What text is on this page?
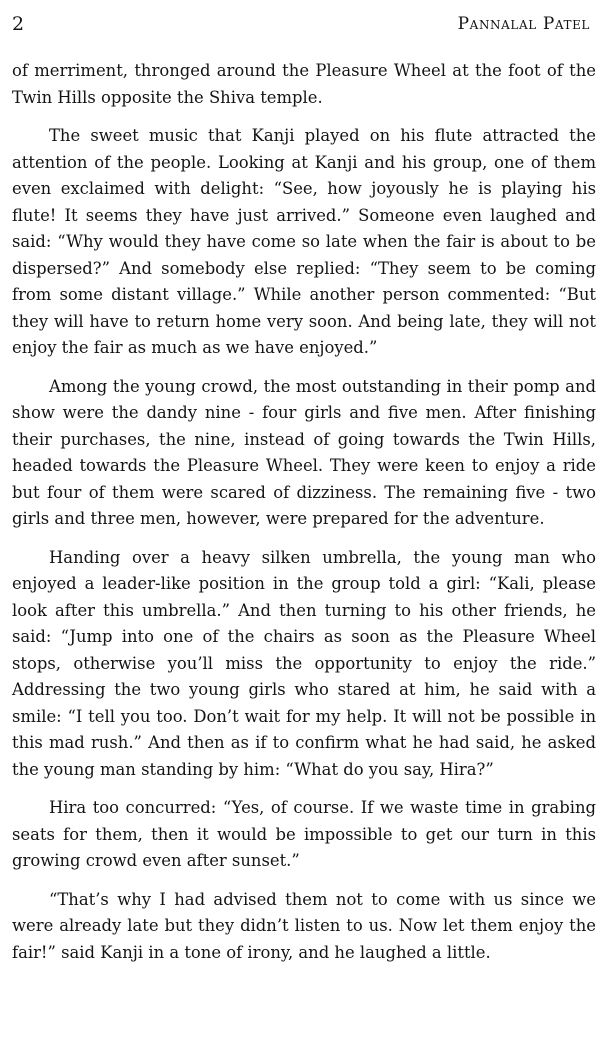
2	Pannalal Patel

of merriment, thronged around the Pleasure Wheel at the foot of the Twin Hills opposite the Shiva temple.

The sweet music that Kanji played on his flute attracted the attention of the people. Looking at Kanji and his group, one of them even exclaimed with delight: “See, how joyously he is playing his flute! It seems they have just arrived.” Someone even laughed and said: “Why would they have come so late when the fair is about to be dispersed?” And somebody else replied: “They seem to be coming from some distant village.” While another person commented: “But they will have to return home very soon. And being late, they will not enjoy the fair as much as we have enjoyed.”

Among the young crowd, the most outstanding in their pomp and show were the dandy nine - four girls and five men. After finishing their purchases, the nine, instead of going towards the Twin Hills, headed towards the Pleasure Wheel. They were keen to enjoy a ride but four of them were scared of dizziness. The remaining five - two girls and three men, however, were prepared for the adventure.

Handing over a heavy silken umbrella, the young man who enjoyed a leader-like position in the group told a girl: “Kali, please look after this umbrella.” And then turning to his other friends, he said: “Jump into one of the chairs as soon as the Pleasure Wheel stops, otherwise you’ll miss the opportunity to enjoy the ride.” Addressing the two young girls who stared at him, he said with a smile: “I tell you too. Don’t wait for my help. It will not be possible in this mad rush.” And then as if to confirm what he had said, he asked the young man standing by him: “What do you say, Hira?”

Hira too concurred: “Yes, of course. If we waste time in grabing seats for them, then it would be impossible to get our turn in this growing crowd even after sunset.”

“That’s why I had advised them not to come with us since we were already late but they didn’t listen to us. Now let them enjoy the fair!” said Kanji in a tone of irony, and he laughed a little.
